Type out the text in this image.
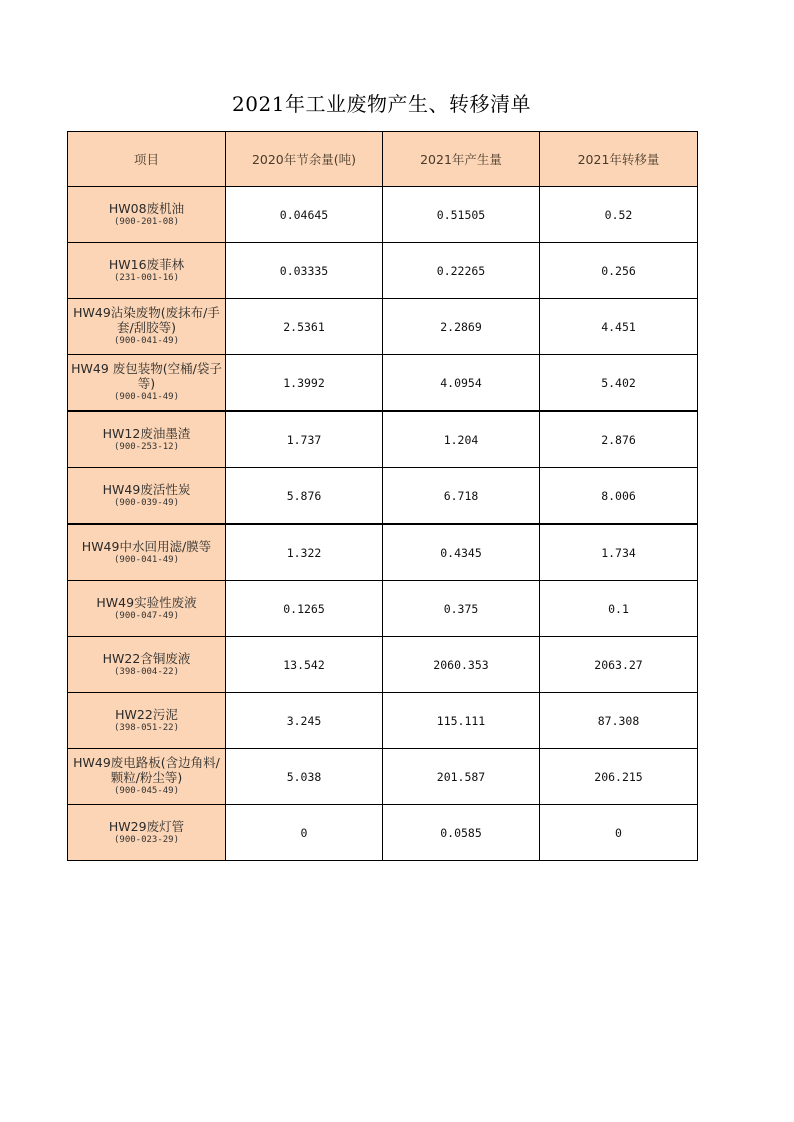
2021年工业废物产生、转移清单
项目	2020年节余量(吨)	2021年产生量	2021年转移量

HW08废机油
(900-201-08)	0.04645	0.51505	0.52

HW16废菲林
(231-001-16)	0.03335	0.22265	0.256

HW49沾染废物(废抹布/手套/刮胶等)
(900-041-49)	2.5361	2.2869	4.451

HW49 废包装物(空桶/袋子等)
(900-041-49)	1.3992	4.0954	5.402

HW12废油墨渣
(900-253-12)	1.737	1.204	2.876

HW49废活性炭
(900-039-49)	5.876	6.718	8.006

HW49中水回用滤/膜等
(900-041-49)	1.322	0.4345	1.734

HW49实验性废液
(900-047-49)	0.1265	0.375	0.1

HW22含铜废液
(398-004-22)	13.542	2060.353	2063.27

HW22污泥
(398-051-22)	3.245	115.111	87.308

HW49废电路板(含边角料/颗粒/粉尘等)
(900-045-49)	5.038	201.587	206.215

HW29废灯管
(900-023-29)	0	0.0585	0
